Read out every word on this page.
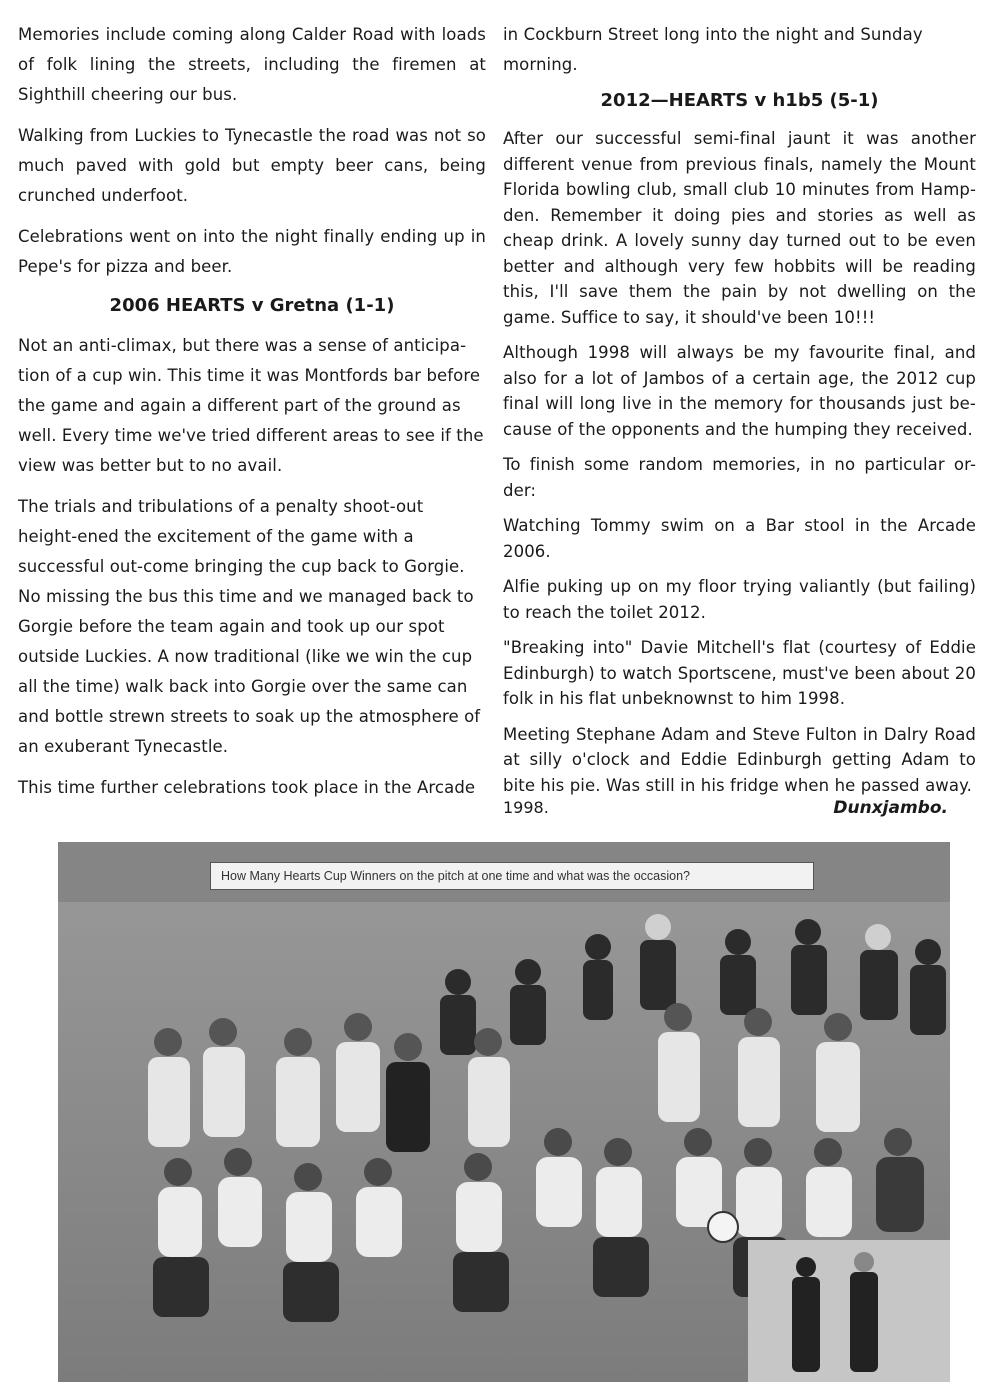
Memories include coming along Calder Road with loads of folk lining the streets, including the firemen at Sighthill cheering our bus.

Walking from Luckies to Tynecastle the road was not so much paved with gold but empty beer cans, being crunched underfoot.

Celebrations went on into the night finally ending up in Pepe's for pizza and beer.

2006 HEARTS v Gretna (1-1)

Not an anti-climax, but there was a sense of anticipa-tion of a cup win. This time it was Montfords bar before the game and again a different part of the ground as well. Every time we've tried different areas to see if the view was better but to no avail.

The trials and tribulations of a penalty shoot-out height-ened the excitement of the game with a successful out-come bringing the cup back to Gorgie. No missing the bus this time and we managed back to Gorgie before the team again and took up our spot outside Luckies. A now traditional (like we win the cup all the time) walk back into Gorgie over the same can and bottle strewn streets to soak up the atmosphere of an exuberant Tynecastle.

This time further celebrations took place in the Arcade

in Cockburn Street long into the night and Sunday morning.

2012—HEARTS v h1b5 (5-1)

After our successful semi-final jaunt it was another different venue from previous finals, namely the Mount Florida bowling club, small club 10 minutes from Hamp-den. Remember it doing pies and stories as well as cheap drink. A lovely sunny day turned out to be even better and although very few hobbits will be reading this, I'll save them the pain by not dwelling on the game. Suffice to say, it should've been 10!!!

Although 1998 will always be my favourite final, and also for a lot of Jambos of a certain age, the 2012 cup final will long live in the memory for thousands just be-cause of the opponents and the humping they received.

To finish some random memories, in no particular or-der:

Watching Tommy swim on a Bar stool in the Arcade 2006.

Alfie puking up on my floor trying valiantly (but failing) to reach the toilet 2012.

"Breaking into" Davie Mitchell's flat (courtesy of Eddie Edinburgh) to watch Sportscene, must've been about 20 folk in his flat unbeknownst to him 1998.

Meeting Stephane Adam and Steve Fulton in Dalry Road at silly o'clock and Eddie Edinburgh getting Adam to bite his pie. Was still in his fridge when he passed away.

1998.	Dunxjambo.
How Many Hearts Cup Winners on the pitch at one time and what was the occasion?
